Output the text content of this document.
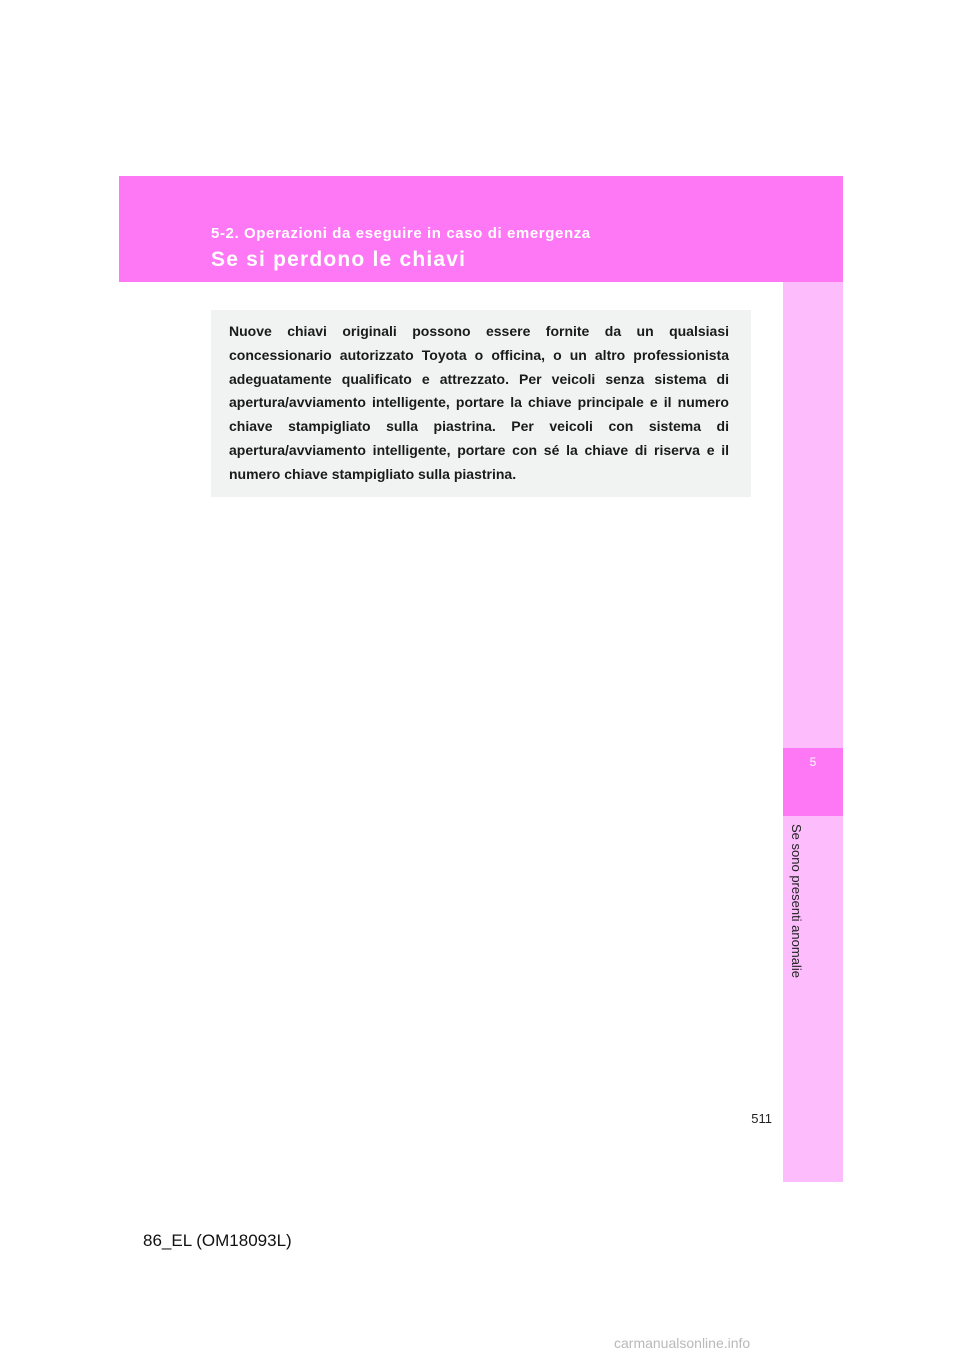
5-2. Operazioni da eseguire in caso di emergenza
Se si perdono le chiavi
5
Se sono presenti anomalie

Nuove chiavi originali possono essere fornite da un qualsiasi concessionario autorizzato Toyota o officina, o un altro professionista adeguatamente qualificato e attrezzato. Per veicoli senza sistema di apertura/avviamento intelligente, portare la chiave principale e il numero chiave stampigliato sulla piastrina. Per veicoli con sistema di apertura/avviamento intelligente, portare con sé la chiave di riserva e il numero chiave stampigliato sulla piastrina.

511
86_EL (OM18093L)
carmanualsonline.info
